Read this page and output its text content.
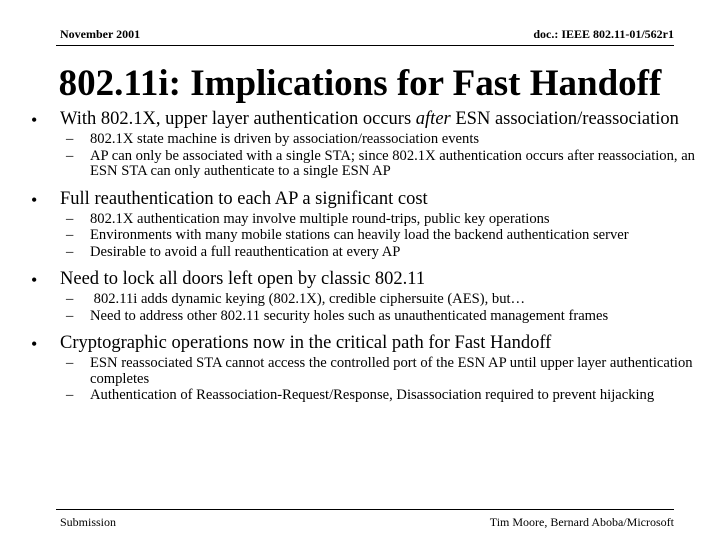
November 2001	doc.: IEEE 802.11-01/562r1
802.11i: Implications for Fast Handoff
•	With 802.1X, upper layer authentication occurs after ESN association/reassociation
– 802.1X state machine is driven by association/reassociation events
– AP can only be associated with a single STA; since 802.1X authentication occurs after reassociation, an ESN STA can only authenticate to a single ESN AP
•	Full reauthentication to each AP a significant cost
– 802.1X authentication may involve multiple round-trips, public key operations
– Environments with many mobile stations can heavily load the backend authentication server
– Desirable to avoid a full reauthentication at every AP
•	Need to lock all doors left open by classic 802.11
– 802.11i adds dynamic keying (802.1X), credible ciphersuite (AES), but…
– Need to address other 802.11 security holes such as unauthenticated management frames
•	Cryptographic operations now in the critical path for Fast Handoff
– ESN reassociated STA cannot access the controlled port of the ESN AP until upper layer authentication completes
– Authentication of Reassociation-Request/Response, Disassociation required to prevent hijacking
Submission	Tim Moore, Bernard Aboba/Microsoft
